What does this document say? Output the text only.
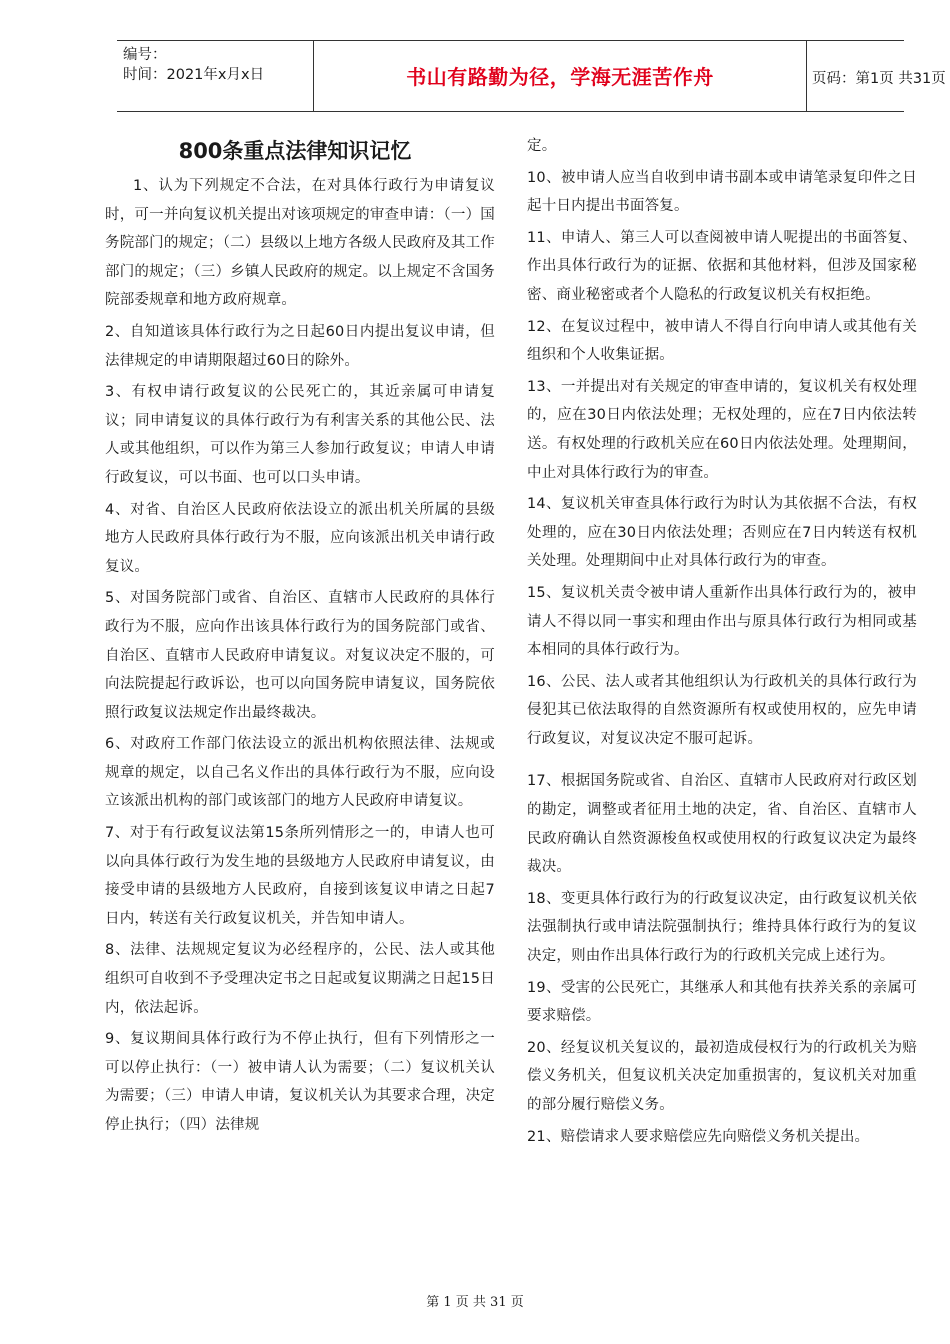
编号：
时间：2021年x月x日	书山有路勤为径，学海无涯苦作舟	页码：第1页 共31页
800条重点法律知识记忆

1、认为下列规定不合法，在对具体行政行为申请复议时，可一并向复议机关提出对该项规定的审查申请：（一）国务院部门的规定；（二）县级以上地方各级人民政府及其工作部门的规定；（三）乡镇人民政府的规定。以上规定不含国务院部委规章和地方政府规章。

2、自知道该具体行政行为之日起60日内提出复议申请，但法律规定的申请期限超过60日的除外。

3、有权申请行政复议的公民死亡的，其近亲属可申请复议；同申请复议的具体行政行为有利害关系的其他公民、法人或其他组织，可以作为第三人参加行政复议；申请人申请行政复议，可以书面、也可以口头申请。

4、对省、自治区人民政府依法设立的派出机关所属的县级地方人民政府具体行政行为不服，应向该派出机关申请行政复议。

5、对国务院部门或省、自治区、直辖市人民政府的具体行政行为不服，应向作出该具体行政行为的国务院部门或省、自治区、直辖市人民政府申请复议。对复议决定不服的，可向法院提起行政诉讼，也可以向国务院申请复议，国务院依照行政复议法规定作出最终裁决。

6、对政府工作部门依法设立的派出机构依照法律、法规或规章的规定，以自己名义作出的具体行政行为不服，应向设立该派出机构的部门或该部门的地方人民政府申请复议。

7、对于有行政复议法第15条所列情形之一的，申请人也可以向具体行政行为发生地的县级地方人民政府申请复议，由接受申请的县级地方人民政府，自接到该复议申请之日起7日内，转送有关行政复议机关，并告知申请人。

8、法律、法规规定复议为必经程序的，公民、法人或其他组织可自收到不予受理决定书之日起或复议期满之日起15日内，依法起诉。

9、复议期间具体行政行为不停止执行，但有下列情形之一可以停止执行：（一）被申请人认为需要；（二）复议机关认为需要；（三）申请人申请，复议机关认为其要求合理，决定停止执行；（四）法律规

定。

10、被申请人应当自收到申请书副本或申请笔录复印件之日起十日内提出书面答复。

11、申请人、第三人可以查阅被申请人呢提出的书面答复、作出具体行政行为的证据、依据和其他材料，但涉及国家秘密、商业秘密或者个人隐私的行政复议机关有权拒绝。

12、在复议过程中，被申请人不得自行向申请人或其他有关组织和个人收集证据。

13、一并提出对有关规定的审查申请的，复议机关有权处理的，应在30日内依法处理；无权处理的，应在7日内依法转送。有权处理的行政机关应在60日内依法处理。处理期间，中止对具体行政行为的审查。

14、复议机关审查具体行政行为时认为其依据不合法，有权处理的，应在30日内依法处理；否则应在7日内转送有权机关处理。处理期间中止对具体行政行为的审查。

15、复议机关责令被申请人重新作出具体行政行为的，被申请人不得以同一事实和理由作出与原具体行政行为相同或基本相同的具体行政行为。

16、公民、法人或者其他组织认为行政机关的具体行政行为侵犯其已依法取得的自然资源所有权或使用权的，应先申请行政复议，对复议决定不服可起诉。

17、根据国务院或省、自治区、直辖市人民政府对行政区划的勘定，调整或者征用土地的决定，省、自治区、直辖市人民政府确认自然资源梭鱼权或使用权的行政复议决定为最终裁决。

18、变更具体行政行为的行政复议决定，由行政复议机关依法强制执行或申请法院强制执行；维持具体行政行为的复议决定，则由作出具体行政行为的行政机关完成上述行为。

19、受害的公民死亡，其继承人和其他有扶养关系的亲属可要求赔偿。

20、经复议机关复议的，最初造成侵权行为的行政机关为赔偿义务机关，但复议机关决定加重损害的，复议机关对加重的部分履行赔偿义务。

21、赔偿请求人要求赔偿应先向赔偿义务机关提出。

第 1 页 共 31 页
